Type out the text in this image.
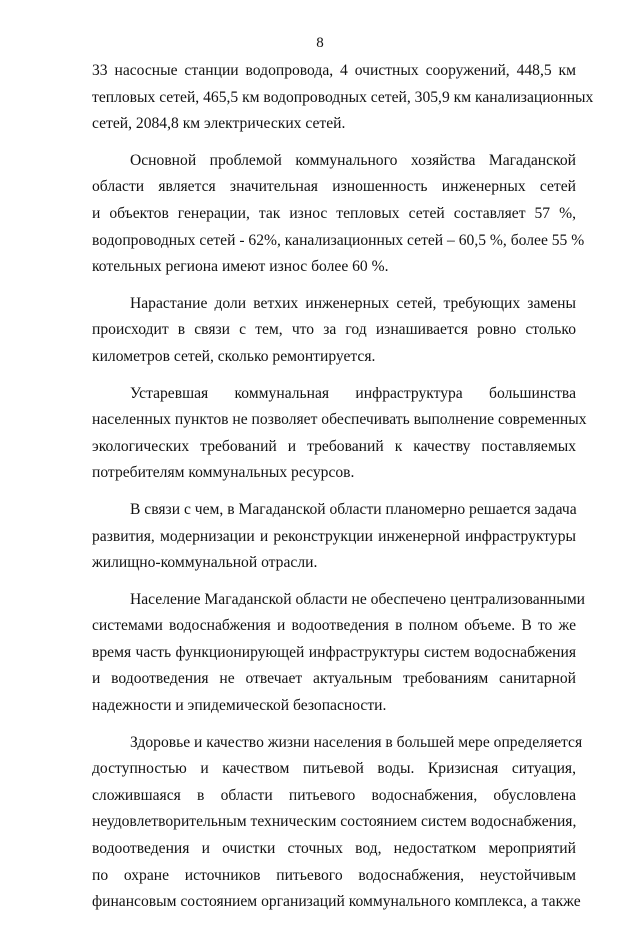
8
33 насосные станции водопровода, 4 очистных сооружений, 448,5 км
тепловых сетей, 465,5 км водопроводных сетей, 305,9 км канализационных
сетей, 2084,8 км электрических сетей.
Основной проблемой коммунального хозяйства Магаданской
области является значительная изношенность инженерных сетей
и объектов генерации, так износ тепловых сетей составляет 57 %,
водопроводных сетей - 62%, канализационных сетей – 60,5 %, более 55 %
котельных региона имеют износ более 60 %.
Нарастание доли ветхих инженерных сетей, требующих замены
происходит в связи с тем, что за год изнашивается ровно столько
километров сетей, сколько ремонтируется.
Устаревшая коммунальная инфраструктура большинства
населенных пунктов не позволяет обеспечивать выполнение современных
экологических требований и требований к качеству поставляемых
потребителям коммунальных ресурсов.
В связи с чем, в Магаданской области планомерно решается задача
развития, модернизации и реконструкции инженерной инфраструктуры
жилищно-коммунальной отрасли.
Население Магаданской области не обеспечено централизованными
системами водоснабжения и водоотведения в полном объеме. В то же
время часть функционирующей инфраструктуры систем водоснабжения
и водоотведения не отвечает актуальным требованиям санитарной
надежности и эпидемической безопасности.
Здоровье и качество жизни населения в большей мере определяется
доступностью и качеством питьевой воды. Кризисная ситуация,
сложившаяся в области питьевого водоснабжения, обусловлена
неудовлетворительным техническим состоянием систем водоснабжения,
водоотведения и очистки сточных вод, недостатком мероприятий
по охране источников питьевого водоснабжения, неустойчивым
финансовым состоянием организаций коммунального комплекса, а также
